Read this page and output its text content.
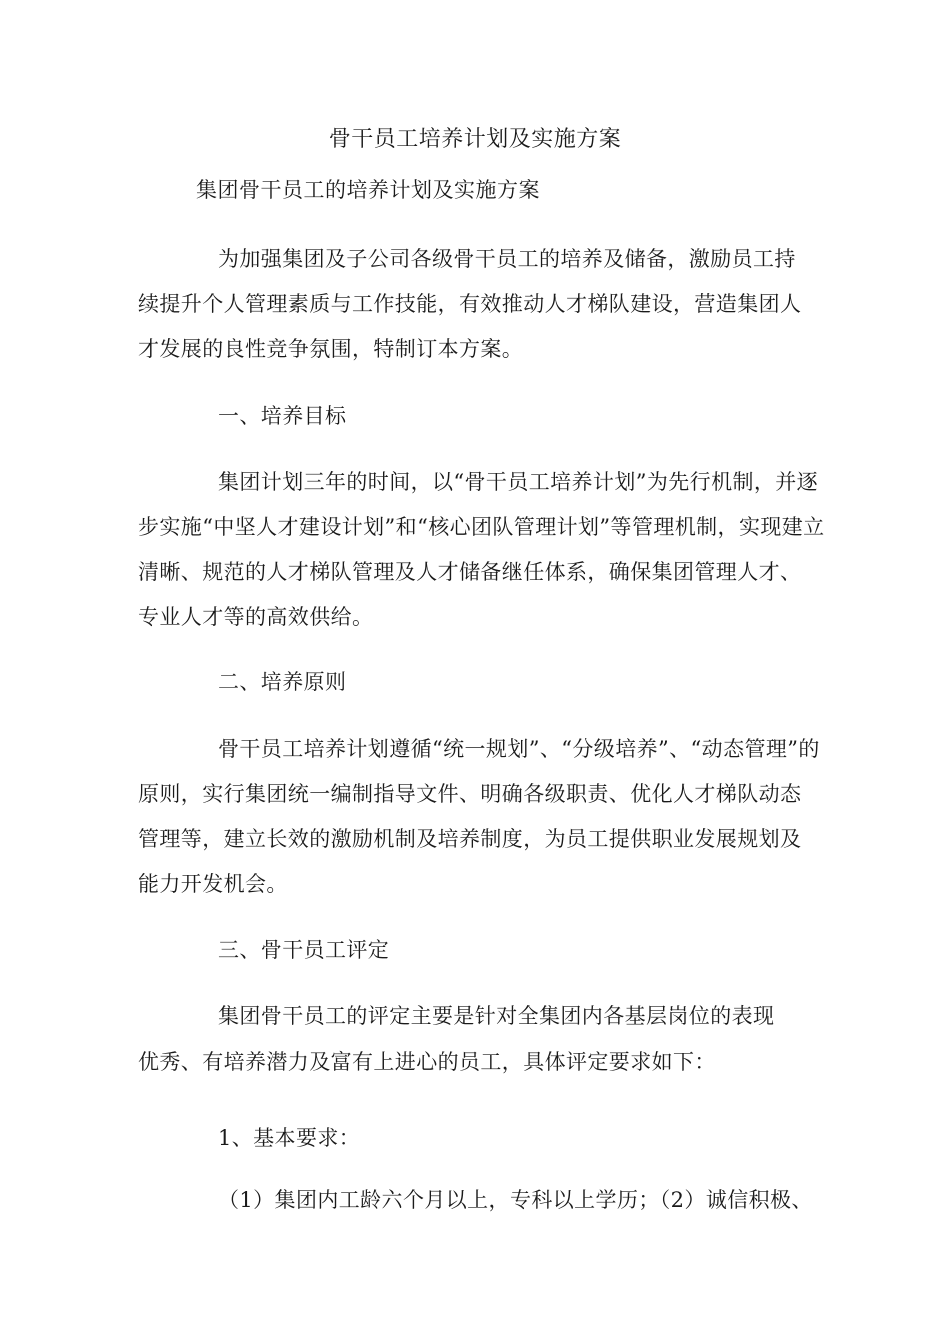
骨干员工培养计划及实施方案
集团骨干员工的培养计划及实施方案
为加强集团及子公司各级骨干员工的培养及储备，激励员工持
续提升个人管理素质与工作技能，有效推动人才梯队建设，营造集团人
才发展的良性竞争氛围，特制订本方案。
一、培养目标
集团计划三年的时间，以“骨干员工培养计划”为先行机制，并逐
步实施“中坚人才建设计划”和“核心团队管理计划”等管理机制，实现建立
清晰、规范的人才梯队管理及人才储备继任体系，确保集团管理人才、
专业人才等的高效供给。
二、培养原则
骨干员工培养计划遵循“统一规划”、“分级培养”、“动态管理”的
原则，实行集团统一编制指导文件、明确各级职责、优化人才梯队动态
管理等，建立长效的激励机制及培养制度，为员工提供职业发展规划及
能力开发机会。
三、骨干员工评定
集团骨干员工的评定主要是针对全集团内各基层岗位的表现
优秀、有培养潜力及富有上进心的员工，具体评定要求如下：
1、基本要求：
（1）集团内工龄六个月以上，专科以上学历；（2）诚信积极、
